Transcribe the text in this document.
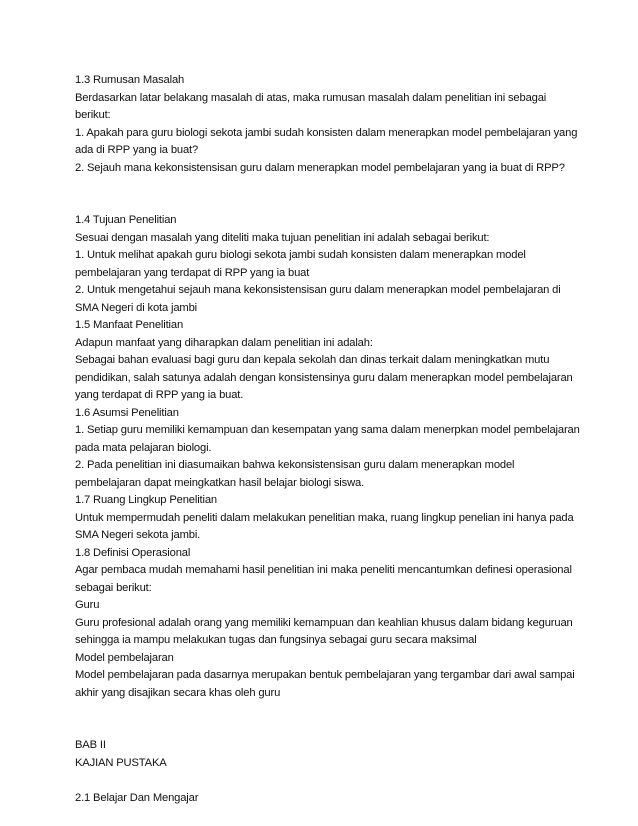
1.3 Rumusan Masalah
Berdasarkan latar belakang masalah di atas, maka rumusan masalah dalam penelitian ini sebagai
berikut:
1. Apakah para guru biologi sekota jambi sudah konsisten dalam menerapkan model pembelajaran yang
ada di RPP yang ia buat?
2. Sejauh mana kekonsistensisan guru dalam menerapkan model pembelajaran yang ia buat di RPP?
1.4 Tujuan Penelitian
Sesuai dengan masalah yang diteliti maka tujuan penelitian ini adalah sebagai berikut:
1. Untuk melihat apakah guru biologi sekota jambi sudah konsisten dalam menerapkan model
pembelajaran yang terdapat di RPP yang ia buat
2. Untuk mengetahui sejauh mana kekonsistensisan guru dalam menerapkan model pembelajaran di
SMA Negeri di kota jambi
1.5 Manfaat Penelitian
Adapun manfaat yang diharapkan dalam penelitian ini adalah:
Sebagai bahan evaluasi bagi guru dan kepala sekolah dan dinas terkait dalam meningkatkan mutu
pendidikan, salah satunya adalah dengan konsistensinya guru dalam menerapkan model pembelajaran
yang terdapat di RPP yang ia buat.
1.6 Asumsi Penelitian
1. Setiap guru memiliki kemampuan dan kesempatan yang sama dalam menerpkan model pembelajaran
pada mata pelajaran biologi.
2. Pada penelitian ini diasumaikan bahwa kekonsistensisan guru dalam menerapkan model
pembelajaran dapat meingkatkan hasil belajar biologi siswa.
1.7 Ruang Lingkup Penelitian
Untuk mempermudah peneliti dalam melakukan penelitian maka, ruang lingkup penelian ini hanya pada
SMA Negeri sekota jambi.
1.8 Definisi Operasional
Agar pembaca mudah memahami hasil penelitian ini maka peneliti mencantumkan definesi operasional
sebagai berikut:
Guru
Guru profesional adalah orang yang memiliki kemampuan dan keahlian khusus dalam bidang keguruan
sehingga ia mampu melakukan tugas dan fungsinya sebagai guru secara maksimal
Model pembelajaran
Model pembelajaran pada dasarnya merupakan bentuk pembelajaran yang tergambar dari awal sampai
akhir yang disajikan secara khas oleh guru
BAB II
KAJIAN PUSTAKA
2.1 Belajar Dan Mengajar
